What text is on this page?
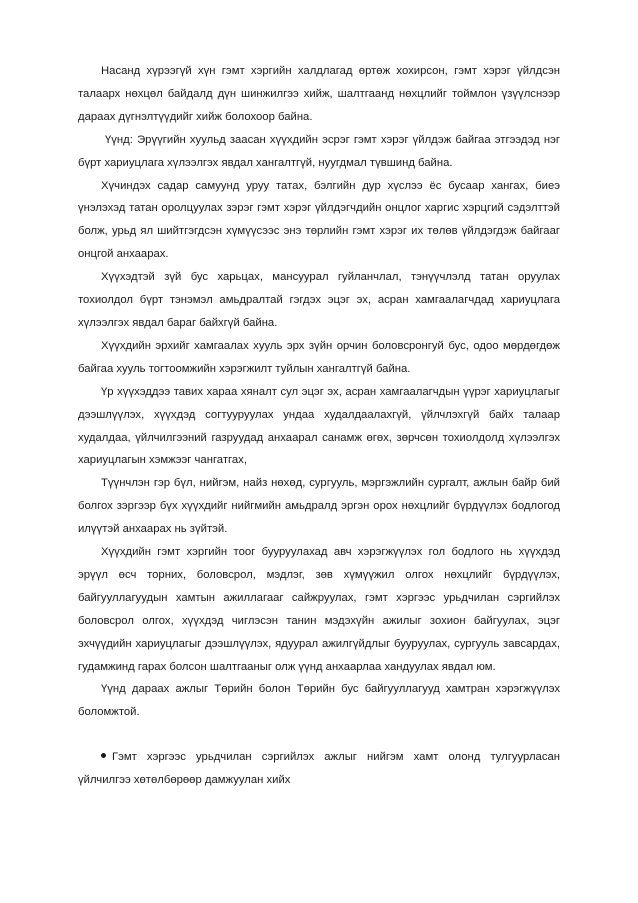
Насанд хүрээгүй хүн гэмт хэргийн халдлагад өртөж хохирсон, гэмт хэрэг үйлдсэн талаарх нөхцөл байдалд дүн шинжилгээ хийж, шалтгаанд нөхцлийг тоймлон үзүүлснээр дараах дүгнэлтүүдийг хийж болохоор байна.

Үүнд: Эрүүгийн хуульд заасан хүүхдийн эсрэг гэмт хэрэг үйлдэж байгаа этгээдэд нэг бүрт хариуцлага хүлээлгэх явдал хангалтгүй, нуугдмал түвшинд байна.

Хүчиндэх садар самуунд уруу татах, бэлгийн дур хүслээ ёс бусаар хангах, биеэ үнэлэхэд татан оролцуулах зэрэг гэмт хэрэг үйлдэгчдийн онцлог харгис хэрцгий сэдэлттэй болж, урьд ял шийтгэгдсэн хүмүүсээс энэ төрлийн гэмт хэрэг их төлөв үйлдэгдэж байгааг онцгой анхаарах.

Хүүхэдтэй зүй бус харьцах, мансуурал гуйланчлал, тэнүүчлэлд татан оруулах тохиолдол бүрт тэнэмэл амьдралтай гэгдэх эцэг эх, асран хамгаалагчдад хариуцлага хүлээлгэх явдал бараг байхгүй байна.

Хүүхдийн эрхийг хамгаалах хууль эрх зүйн орчин боловсронгуй бус, одоо мөрдөгдөж байгаа хууль тогтоомжийн хэрэгжилт туйлын хангалтгүй байна.

Үр хүүхэддээ тавих хараа хяналт сул эцэг эх, асран хамгаалагчдын үүрэг хариуцлагыг дээшлүүлэх, хүүхдэд согтууруулах ундаа худалдаалахгүй, үйлчлэхгүй байх талаар худалдаа, үйлчилгээний газруудад анхаарал санамж өгөх, зөрчсөн тохиолдолд хүлээлгэх хариуцлагын хэмжээг чангатгах,

Түүнчлэн гэр бүл, нийгэм, найз нөхөд, сургууль, мэргэжлийн сургалт, ажлын байр бий болгох зэргээр бүх хүүхдийг нийгмийн амьдралд эргэн орох нөхцлийг бүрдүүлэх бодлогод илүүтэй анхаарах нь зүйтэй.

Хүүхдийн гэмт хэргийн тоог бууруулахад авч хэрэгжүүлэх гол бодлого нь хүүхдэд эрүүл өсч торних, боловсрол, мэдлэг, зөв хүмүүжил олгох нөхцлийг бүрдүүлэх, байгууллагуудын хамтын ажиллагааг сайжруулах, гэмт хэргээс урьдчилан сэргийлэх боловсрол олгох, хүүхдэд чиглэсэн танин мэдэхүйн ажилыг зохион байгуулах, эцэг эхчүүдийн хариуцлагыг дээшлүүлэх, ядуурал ажилгүйдлыг бууруулах, сургууль завсардах, гудамжинд гарах болсон шалтгааныг олж үүнд анхаарлаа хандуулах явдал юм.

Үүнд дараах ажлыг Төрийн болон Төрийн бус байгууллагууд хамтран хэрэгжүүлэх боломжтой.

Гэмт хэргээс урьдчилан сэргийлэх ажлыг нийгэм хамт олонд тулгуурласан үйлчилгээ хөтөлбөрөөр дамжуулан хийх
